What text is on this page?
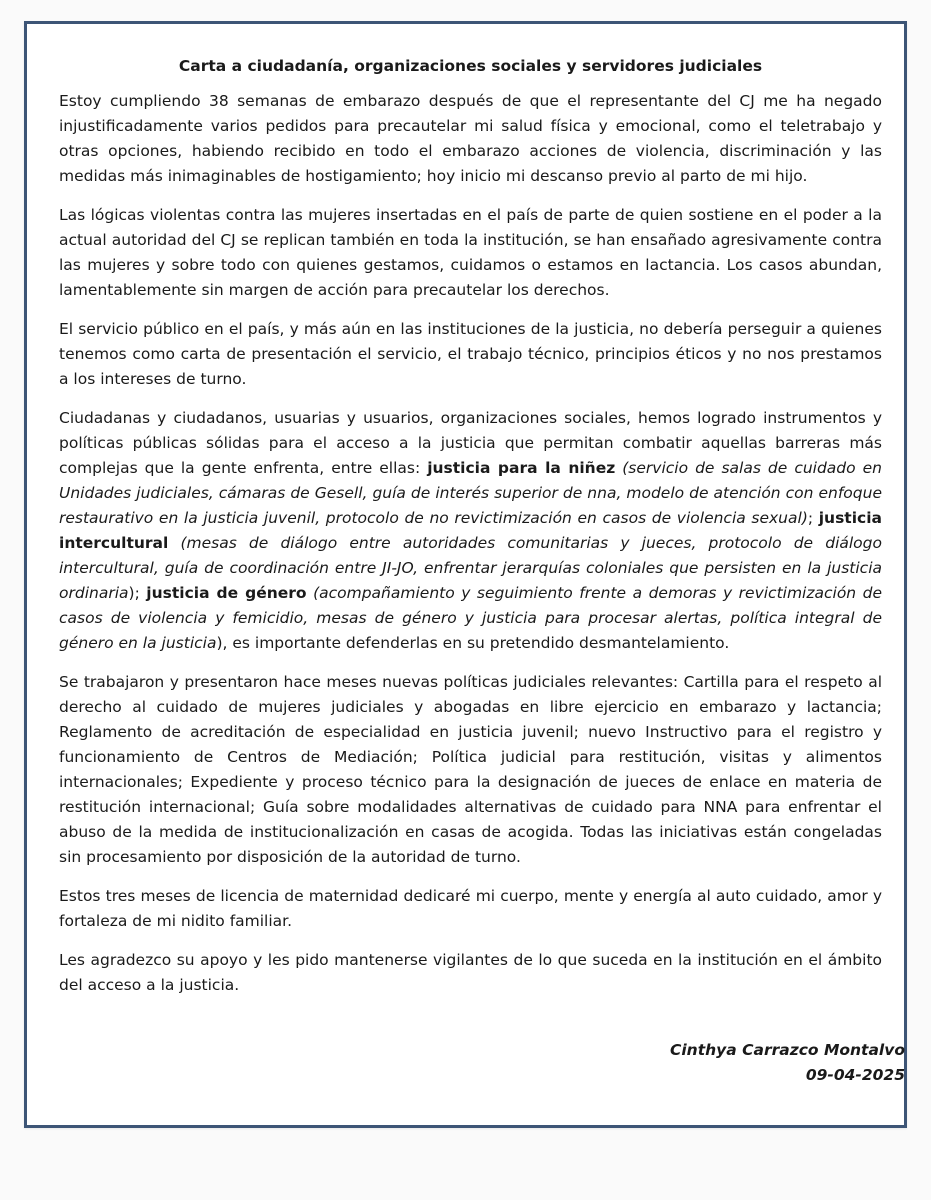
Carta a ciudadanía, organizaciones sociales y servidores judiciales

Estoy cumpliendo 38 semanas de embarazo después de que el representante del CJ me ha negado injustificadamente varios pedidos para precautelar mi salud física y emocional, como el teletrabajo y otras opciones, habiendo recibido en todo el embarazo acciones de violencia, discriminación y las medidas más inimaginables de hostigamiento; hoy inicio mi descanso previo al parto de mi hijo.

Las lógicas violentas contra las mujeres insertadas en el país de parte de quien sostiene en el poder a la actual autoridad del CJ se replican también en toda la institución, se han ensañado agresivamente contra las mujeres y sobre todo con quienes gestamos, cuidamos o estamos en lactancia. Los casos abundan, lamentablemente sin margen de acción para precautelar los derechos.

El servicio público en el país, y más aún en las instituciones de la justicia, no debería perseguir a quienes tenemos como carta de presentación el servicio, el trabajo técnico, principios éticos y no nos prestamos a los intereses de turno.

Ciudadanas y ciudadanos, usuarias y usuarios, organizaciones sociales, hemos logrado instrumentos y políticas públicas sólidas para el acceso a la justicia que permitan combatir aquellas barreras más complejas que la gente enfrenta, entre ellas: justicia para la niñez (servicio de salas de cuidado en Unidades judiciales, cámaras de Gesell, guía de interés superior de nna, modelo de atención con enfoque restaurativo en la justicia juvenil, protocolo de no revictimización en casos de violencia sexual); justicia intercultural (mesas de diálogo entre autoridades comunitarias y jueces, protocolo de diálogo intercultural, guía de coordinación entre JI-JO, enfrentar jerarquías coloniales que persisten en la justicia ordinaria); justicia de género (acompañamiento y seguimiento frente a demoras y revictimización de casos de violencia y femicidio, mesas de género y justicia para procesar alertas, política integral de género en la justicia), es importante defenderlas en su pretendido desmantelamiento.

Se trabajaron y presentaron hace meses nuevas políticas judiciales relevantes: Cartilla para el respeto al derecho al cuidado de mujeres judiciales y abogadas en libre ejercicio en embarazo y lactancia; Reglamento de acreditación de especialidad en justicia juvenil; nuevo Instructivo para el registro y funcionamiento de Centros de Mediación; Política judicial para restitución, visitas y alimentos internacionales; Expediente y proceso técnico para la designación de jueces de enlace en materia de restitución internacional; Guía sobre modalidades alternativas de cuidado para NNA para enfrentar el abuso de la medida de institucionalización en casas de acogida. Todas las iniciativas están congeladas sin procesamiento por disposición de la autoridad de turno.

Estos tres meses de licencia de maternidad dedicaré mi cuerpo, mente y energía al auto cuidado, amor y fortaleza de mi nidito familiar.

Les agradezco su apoyo y les pido mantenerse vigilantes de lo que suceda en la institución en el ámbito del acceso a la justicia.

Cinthya Carrazco Montalvo
09-04-2025
